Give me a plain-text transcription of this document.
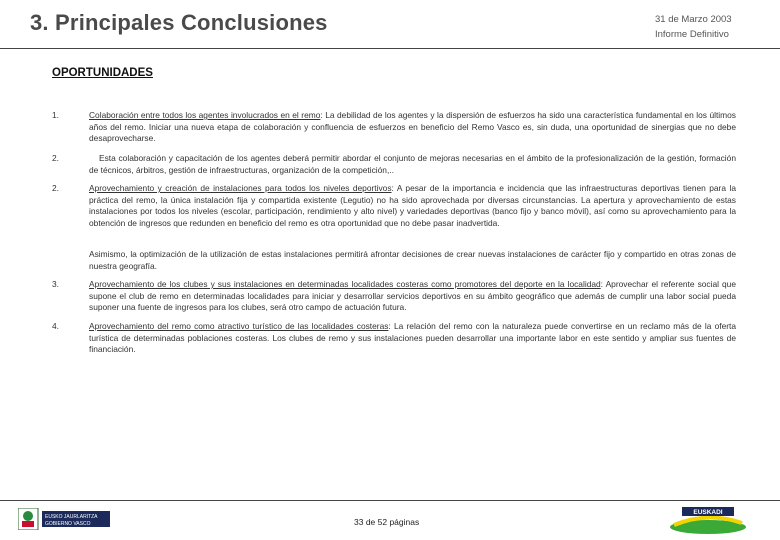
3. Principales Conclusiones	31 de Marzo 2003
Informe Definitivo
OPORTUNIDADES
1.	Colaboración entre todos los agentes involucrados en el remo: La debilidad de los agentes y la dispersión de esfuerzos ha sido una característica fundamental en los últimos años del remo. Iniciar una nueva etapa de colaboración y confluencia de esfuerzos en beneficio del Remo Vasco es, sin duda, una oportunidad de sinergias que no debe desaprovecharse.
2.	Esta colaboración y capacitación de los agentes deberá permitir abordar el conjunto de mejoras necesarias en el ámbito de la profesionalización de la gestión, formación de técnicos, árbitros, gestión de infraestructuras, organización de la competición,..
2.	Aprovechamiento y creación de instalaciones para todos los niveles deportivos: A pesar de la importancia e incidencia que las infraestructuras deportivas tienen para la práctica del remo, la única instalación fija y compartida existente (Legutio) no ha sido aprovechada por diversas circunstancias. La apertura y aprovechamiento de estas instalaciones por todos los niveles (escolar, participación, rendimiento y alto nivel) y variedades deportivas (banco fijo y banco móvil), así como su aprovechamiento para la obtención de ingresos que redunden en beneficio del remo es otra oportunidad que no debe pasar inadvertida.
Asimismo, la optimización de la utilización de estas instalaciones permitirá afrontar decisiones de crear nuevas instalaciones de carácter fijo y compartido en otras zonas de nuestra geografía.
3.	Aprovechamiento de los clubes y sus instalaciones en determinadas localidades costeras como promotores del deporte en la localidad: Aprovechar el referente social que supone el club de remo en determinadas localidades para iniciar y desarrollar servicios deportivos en su ámbito geográfico que además de cumplir una labor social pueda suponer una fuente de ingresos para los clubes, será otro campo de actuación futura.
4.	Aprovechamiento del remo como atractivo turístico de las localidades costeras: La relación del remo con la naturaleza puede convertirse en un reclamo más de la oferta turística de determinadas poblaciones costeras. Los clubes de remo y sus instalaciones pueden desarrollar una importante labor en este sentido y ampliar sus fuentes de financiación.
EUSKO JAURLARITZA
GOBIERNO VASCO	33 de 52 páginas
EUSKADI
